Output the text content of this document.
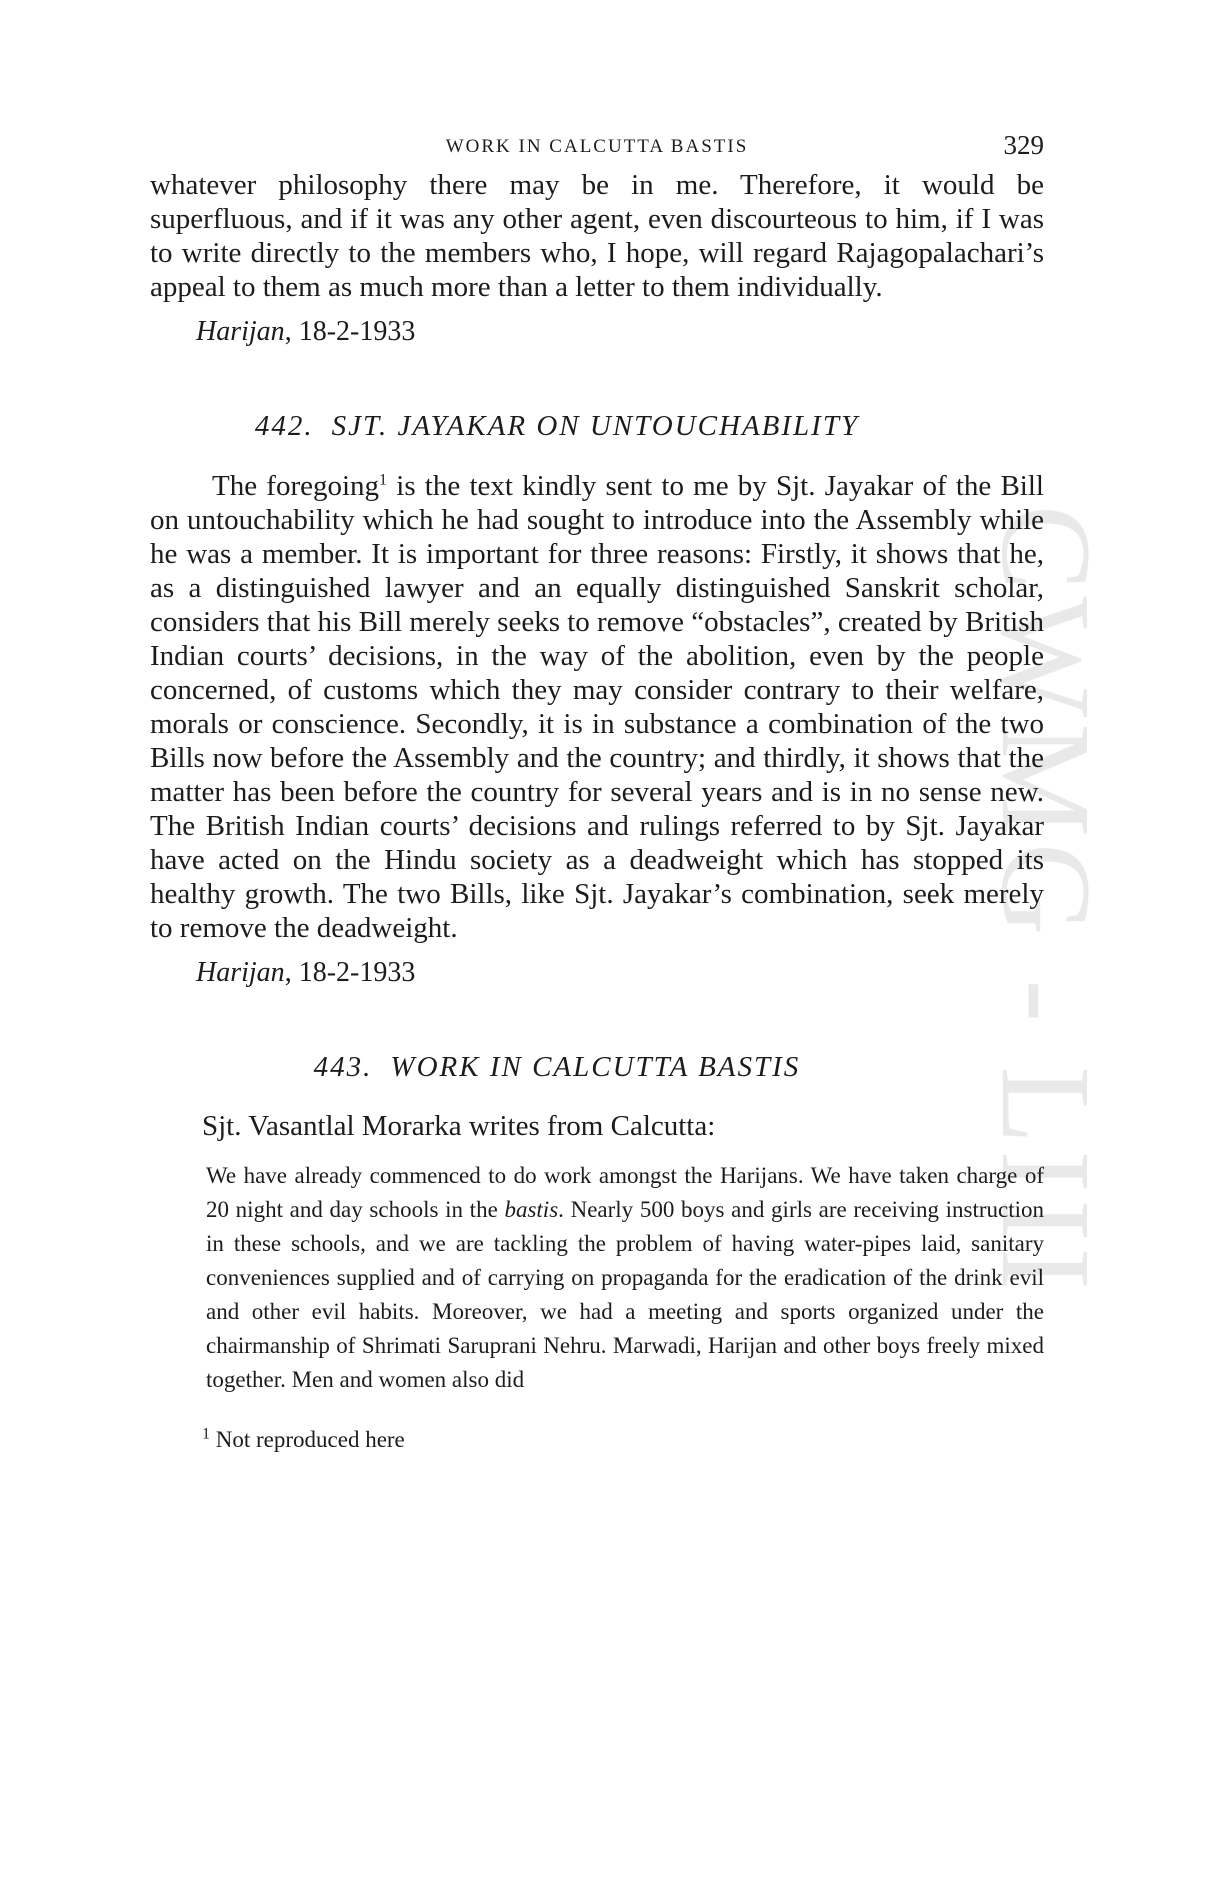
CWMG - LIII
WORK IN CALCUTTA BASTIS	329

whatever philosophy there may be in me. Therefore, it would be superfluous, and if it was any other agent, even discourteous to him, if I was to write directly to the members who, I hope, will regard Rajagopalachari’s appeal to them as much more than a letter to them individually.

Harijan, 18-2-1933
442. SJT. JAYAKAR ON UNTOUCHABILITY

The foregoing$^1$ is the text kindly sent to me by Sjt. Jayakar of the Bill on untouchability which he had sought to introduce into the Assembly while he was a member. It is important for three reasons: Firstly, it shows that he, as a distinguished lawyer and an equally distinguished Sanskrit scholar, considers that his Bill merely seeks to remove “obstacles”, created by British Indian courts’ decisions, in the way of the abolition, even by the people concerned, of customs which they may consider contrary to their welfare, morals or conscience. Secondly, it is in substance a combination of the two Bills now before the Assembly and the country; and thirdly, it shows that the matter has been before the country for several years and is in no sense new. The British Indian courts’ decisions and rulings referred to by Sjt. Jayakar have acted on the Hindu society as a deadweight which has stopped its healthy growth. The two Bills, like Sjt. Jayakar’s combination, seek merely to remove the deadweight.

Harijan, 18-2-1933
443. WORK IN CALCUTTA BASTIS
Sjt. Vasantlal Morarka writes from Calcutta:

We have already commenced to do work amongst the Harijans. We have taken charge of 20 night and day schools in the bastis. Nearly 500 boys and girls are receiving instruction in these schools, and we are tackling the problem of having water-pipes laid, sanitary conveniences supplied and of carrying on propaganda for the eradication of the drink evil and other evil habits. Moreover, we had a meeting and sports organized under the chairmanship of Shrimati Saruprani Nehru. Marwadi, Harijan and other boys freely mixed together. Men and women also did

$^1$ Not reproduced here
